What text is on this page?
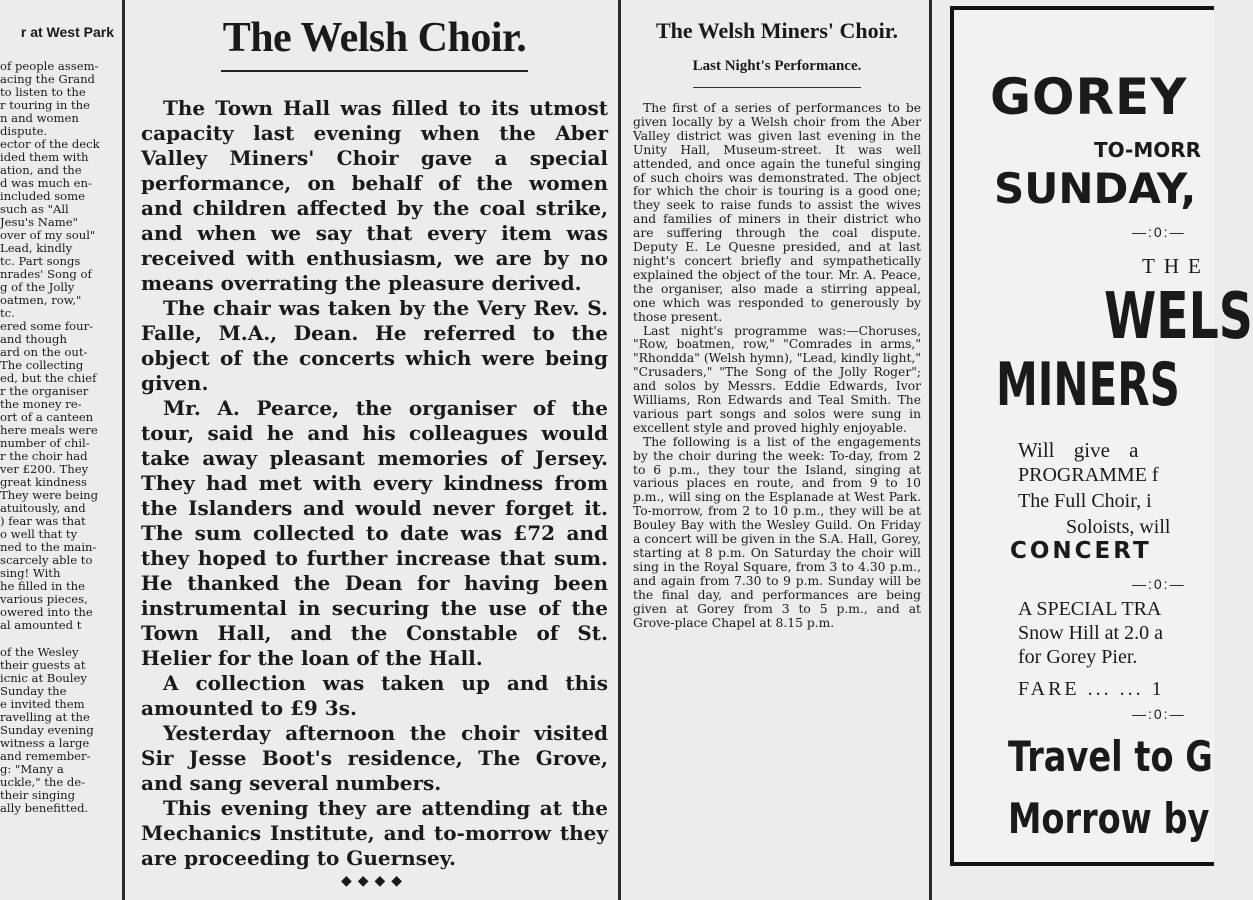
r at West Park

of people assem-
acing the Grand
to listen to the
r touring in the
n and women
dispute.
ector of the deck
ided them with
ation, and the
d was much en-
included some
such as "All
Jesu's Name"
over of my soul"
Lead, kindly
tc. Part songs
nrades' Song of
g of the Jolly
oatmen, row,"
tc.

ered some four-
and though
ard on the out-
The collecting
ed, but the chief
r the organiser
the money re-
ort of a canteen
here meals were
number of chil-
r the choir had
ver £200. They
great kindness
They were being
atuitously, and
) fear was that
o well that ty
ned to the main-
scarcely able to
sing! With
he filled in the
various pieces,
owered into the
al amounted t

of the Wesley
their guests at
icnic at Bouley
Sunday the
e invited them
ravelling at the
Sunday evening
witness a large
and remember-
g: "Many a
uckle," the de-
their singing
ally benefitted.

The Welsh Choir.

The Town Hall was filled to its utmost capacity last evening when the Aber Valley Miners' Choir gave a special performance, on behalf of the women and children affected by the coal strike, and when we say that every item was received with enthusiasm, we are by no means overrating the pleasure derived.

The chair was taken by the Very Rev. S. Falle, M.A., Dean. He referred to the object of the concerts which were being given.

Mr. A. Pearce, the organiser of the tour, said he and his colleagues would take away pleasant memories of Jersey. They had met with every kindness from the Islanders and would never forget it. The sum collected to date was £72 and they hoped to further increase that sum. He thanked the Dean for having been instrumental in securing the use of the Town Hall, and the Constable of St. Helier for the loan of the Hall.

A collection was taken up and this amounted to £9 3s.

Yesterday afternoon the choir visited Sir Jesse Boot's residence, The Grove, and sang several numbers.

This evening they are attending at the Mechanics Institute, and to-morrow they are proceeding to Guernsey.

◆◆◆◆
The Welsh Miners' Choir.
Last Night's Performance.

The first of a series of performances to be given locally by a Welsh choir from the Aber Valley district was given last evening in the Unity Hall, Museum-street. It was well attended, and once again the tuneful singing of such choirs was demonstrated. The object for which the choir is touring is a good one; they seek to raise funds to assist the wives and families of miners in their district who are suffering through the coal dispute. Deputy E. Le Quesne presided, and at last night's concert briefly and sympathetically explained the object of the tour. Mr. A. Peace, the organiser, also made a stirring appeal, one which was responded to generously by those present.

Last night's programme was:—Choruses, "Row, boatmen, row," "Comrades in arms," "Rhondda" (Welsh hymn), "Lead, kindly light," "Crusaders," "The Song of the Jolly Roger"; and solos by Messrs. Eddie Edwards, Ivor Williams, Ron Edwards and Teal Smith. The various part songs and solos were sung in excellent style and proved highly enjoyable.

The following is a list of the engagements by the choir during the week: To-day, from 2 to 6 p.m., they tour the Island, singing at various places en route, and from 9 to 10 p.m., will sing on the Esplanade at West Park. To-morrow, from 2 to 10 p.m., they will be at Bouley Bay with the Wesley Guild. On Friday a concert will be given in the S.A. Hall, Gorey, starting at 8 p.m. On Saturday the choir will sing in the Royal Square, from 3 to 4.30 p.m., and again from 7.30 to 9 p.m. Sunday will be the final day, and performances are being given at Gorey from 3 to 5 p.m., and at Grove-place Chapel at 8.15 p.m.

GOREY
TO-MORR
SUNDAY,
—:0:—
THE
WELS
MINERS
Will give a
PROGRAMME f
The Full Choir, i
Soloists, will
CONCERT
—:0:—
A SPECIAL TRA
Snow Hill at 2.0 a
for Gorey Pier.
FARE ... ... 1
—:0:—
Travel to G
Morrow by
